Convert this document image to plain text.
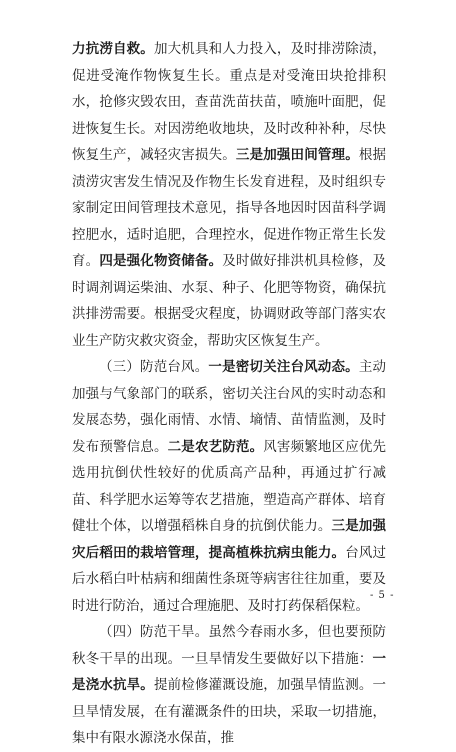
力抗涝自救。加大机具和人力投入，及时排涝除渍，促进受淹作物恢复生长。重点是对受淹田块抢排积水，抢修灾毁农田，查苗洗苗扶苗，喷施叶面肥，促进恢复生长。对因涝绝收地块，及时改种补种，尽快恢复生产，减轻灾害损失。三是加强田间管理。根据渍涝灾害发生情况及作物生长发育进程，及时组织专家制定田间管理技术意见，指导各地因时因苗科学调控肥水，适时追肥，合理控水，促进作物正常生长发育。四是强化物资储备。及时做好排洪机具检修，及时调剂调运柴油、水泵、种子、化肥等物资，确保抗洪排涝需要。根据受灾程度，协调财政等部门落实农业生产防灾救灾资金，帮助灾区恢复生产。

（三）防范台风。一是密切关注台风动态。主动加强与气象部门的联系，密切关注台风的实时动态和发展态势，强化雨情、水情、墒情、苗情监测，及时发布预警信息。二是农艺防范。风害频繁地区应优先选用抗倒伏性较好的优质高产品种，再通过扩行减苗、科学肥水运筹等农艺措施，塑造高产群体、培育健壮个体，以增强稻株自身的抗倒伏能力。三是加强灾后稻田的栽培管理，提高植株抗病虫能力。台风过后水稻白叶枯病和细菌性条斑等病害往往加重，要及时进行防治，通过合理施肥、及时打药保稻保粒。

（四）防范干旱。虽然今春雨水多，但也要预防秋冬干旱的出现。一旦旱情发生要做好以下措施：一是浇水抗旱。提前检修灌溉设施，加强旱情监测。一旦旱情发展，在有灌溉条件的田块，采取一切措施，集中有限水源浇水保苗，推

- 5 -
